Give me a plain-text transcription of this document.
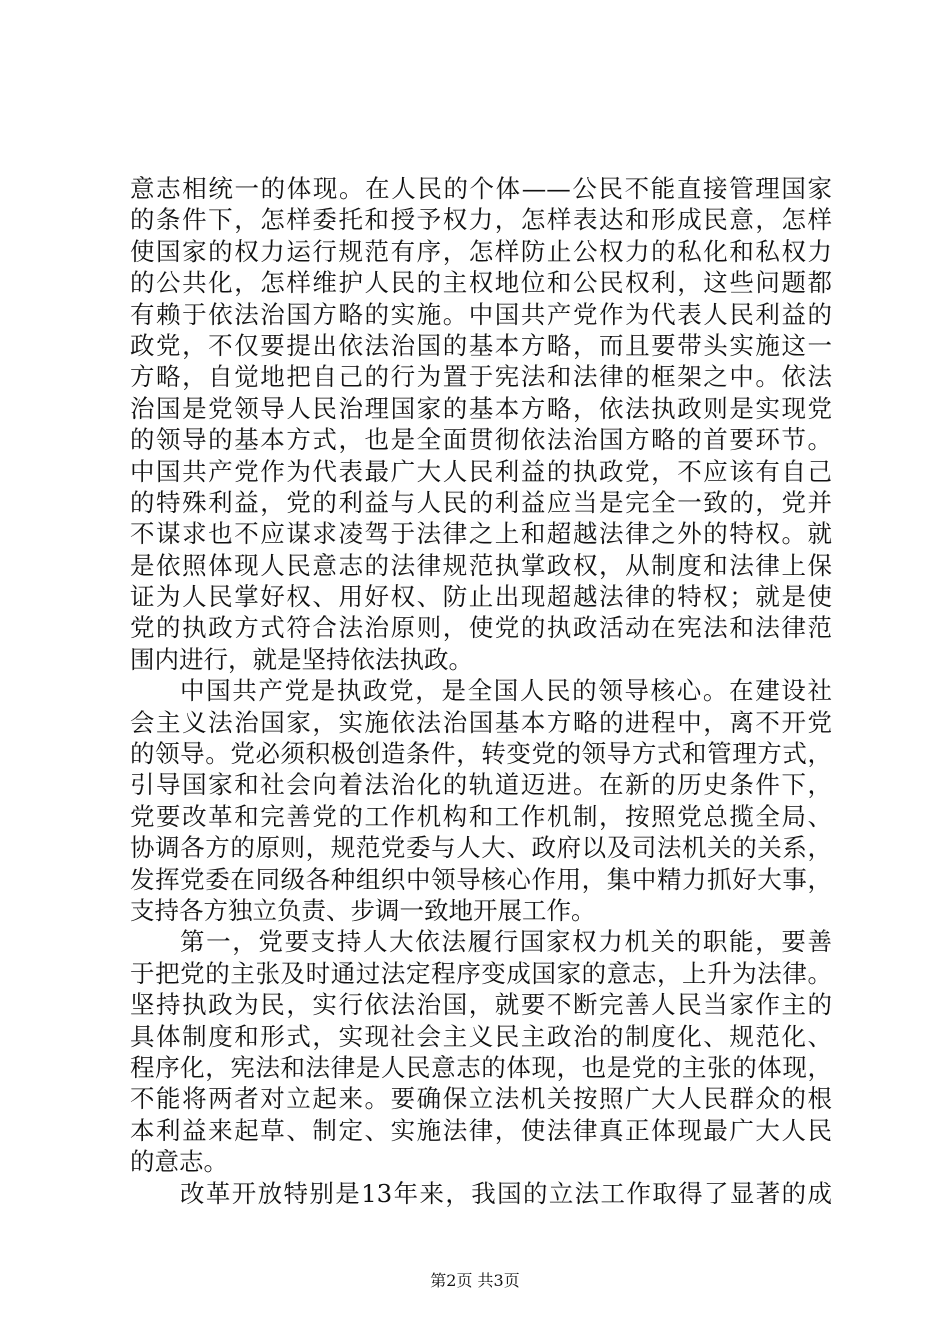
意志相统一的体现。在人民的个体——公民不能直接管理国家
的条件下，怎样委托和授予权力，怎样表达和形成民意，怎样
使国家的权力运行规范有序，怎样防止公权力的私化和私权力
的公共化，怎样维护人民的主权地位和公民权利，这些问题都
有赖于依法治国方略的实施。中国共产党作为代表人民利益的
政党，不仅要提出依法治国的基本方略，而且要带头实施这一
方略，自觉地把自己的行为置于宪法和法律的框架之中。依法
治国是党领导人民治理国家的基本方略，依法执政则是实现党
的领导的基本方式，也是全面贯彻依法治国方略的首要环节。
中国共产党作为代表最广大人民利益的执政党，不应该有自己
的特殊利益，党的利益与人民的利益应当是完全一致的，党并
不谋求也不应谋求凌驾于法律之上和超越法律之外的特权。就
是依照体现人民意志的法律规范执掌政权，从制度和法律上保
证为人民掌好权、用好权、防止出现超越法律的特权；就是使
党的执政方式符合法治原则，使党的执政活动在宪法和法律范
围内进行，就是坚持依法执政。
中国共产党是执政党，是全国人民的领导核心。在建设社
会主义法治国家，实施依法治国基本方略的进程中，离不开党
的领导。党必须积极创造条件，转变党的领导方式和管理方式，
引导国家和社会向着法治化的轨道迈进。在新的历史条件下，
党要改革和完善党的工作机构和工作机制，按照党总揽全局、
协调各方的原则，规范党委与人大、政府以及司法机关的关系，
发挥党委在同级各种组织中领导核心作用，集中精力抓好大事，
支持各方独立负责、步调一致地开展工作。
第一，党要支持人大依法履行国家权力机关的职能，要善
于把党的主张及时通过法定程序变成国家的意志，上升为法律。
坚持执政为民，实行依法治国，就要不断完善人民当家作主的
具体制度和形式，实现社会主义民主政治的制度化、规范化、
程序化，宪法和法律是人民意志的体现，也是党的主张的体现，
不能将两者对立起来。要确保立法机关按照广大人民群众的根
本利益来起草、制定、实施法律，使法律真正体现最广大人民
的意志。
改革开放特别是13年来，我国的立法工作取得了显著的成
第2页 共3页
